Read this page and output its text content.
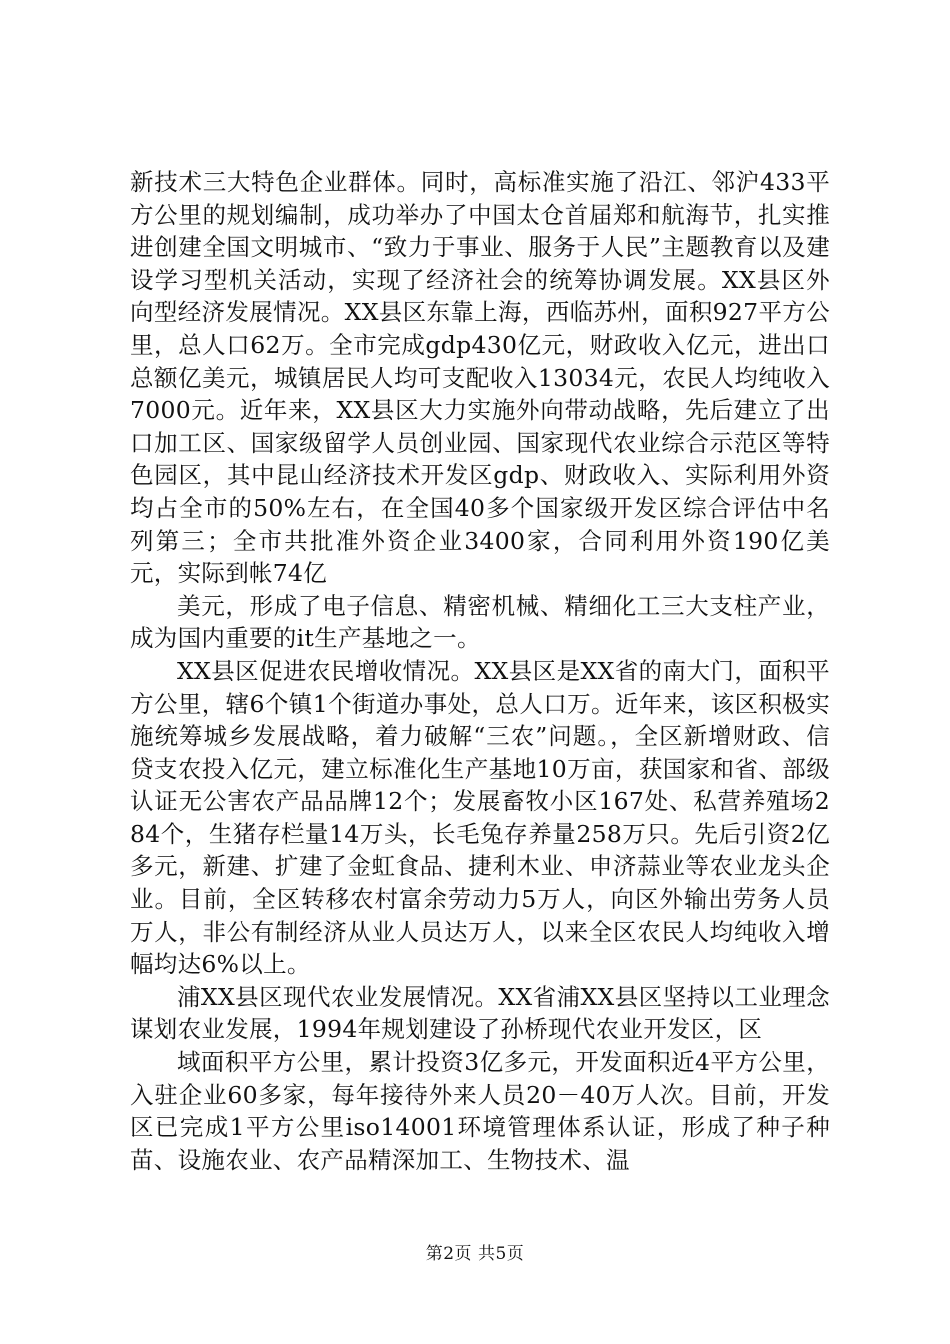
新技术三大特色企业群体。同时，高标准实施了沿江、邻沪433平方公里的规划编制，成功举办了中国太仓首届郑和航海节，扎实推进创建全国文明城市、“致力于事业、服务于人民”主题教育以及建设学习型机关活动，实现了经济社会的统筹协调发展。XX县区外向型经济发展情况。XX县区东靠上海，西临苏州，面积927平方公里，总人口62万。全市完成gdp430亿元，财政收入亿元，进出口总额亿美元，城镇居民人均可支配收入13034元，农民人均纯收入7000元。近年来，XX县区大力实施外向带动战略，先后建立了出口加工区、国家级留学人员创业园、国家现代农业综合示范区等特色园区，其中昆山经济技术开发区gdp、财政收入、实际利用外资均占全市的50%左右，在全国40多个国家级开发区综合评估中名列第三；全市共批准外资企业3400家，合同利用外资190亿美元，实际到帐74亿

美元，形成了电子信息、精密机械、精细化工三大支柱产业，成为国内重要的it生产基地之一。

XX县区促进农民增收情况。XX县区是XX省的南大门，面积平方公里，辖6个镇1个街道办事处，总人口万。近年来，该区积极实施统筹城乡发展战略，着力破解“三农”问题。，全区新增财政、信贷支农投入亿元，建立标准化生产基地10万亩，获国家和省、部级认证无公害农产品品牌12个；发展畜牧小区167处、私营养殖场284个，生猪存栏量14万头，长毛兔存养量258万只。先后引资2亿多元，新建、扩建了金虹食品、捷利木业、申济蒜业等农业龙头企业。目前，全区转移农村富余劳动力5万人，向区外输出劳务人员万人，非公有制经济从业人员达万人，以来全区农民人均纯收入增幅均达6%以上。

浦XX县区现代农业发展情况。XX省浦XX县区坚持以工业理念谋划农业发展，1994年规划建设了孙桥现代农业开发区，区

域面积平方公里，累计投资3亿多元，开发面积近4平方公里，入驻企业60多家，每年接待外来人员20－40万人次。目前，开发区已完成1平方公里iso14001环境管理体系认证，形成了种子种苗、设施农业、农产品精深加工、生物技术、温

第2页 共5页
